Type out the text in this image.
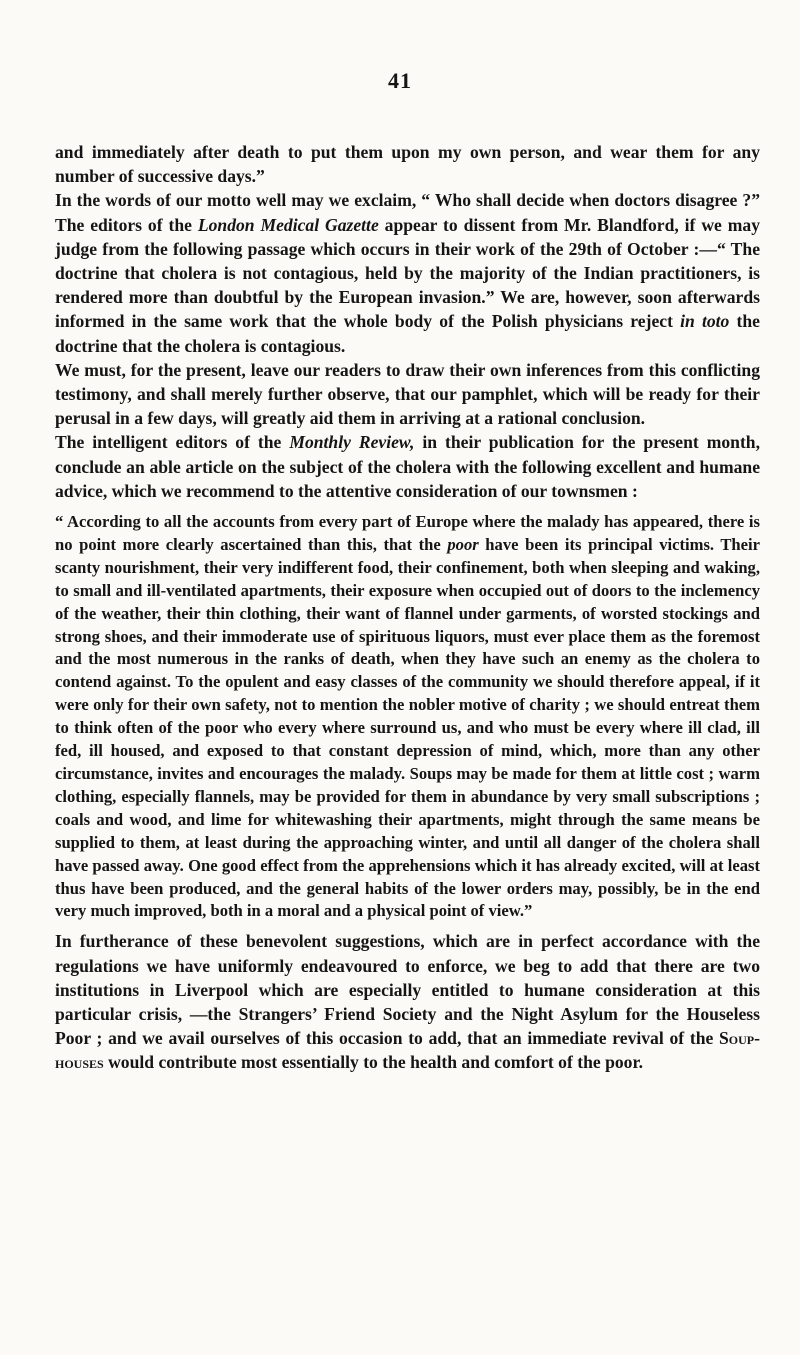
41

and immediately after death to put them upon my own person, and wear them for any number of successive days.”

In the words of our motto well may we exclaim, “ Who shall decide when doctors disagree ?” The editors of the London Medical Gazette appear to dissent from Mr. Blandford, if we may judge from the following passage which occurs in their work of the 29th of October :—“ The doctrine that cholera is not contagious, held by the majority of the Indian practitioners, is rendered more than doubtful by the European invasion.” We are, however, soon afterwards informed in the same work that the whole body of the Polish physicians reject in toto the doctrine that the cholera is contagious.

We must, for the present, leave our readers to draw their own inferences from this conflicting testimony, and shall merely further observe, that our pamphlet, which will be ready for their perusal in a few days, will greatly aid them in arriving at a rational conclusion.

The intelligent editors of the Monthly Review, in their publication for the present month, conclude an able article on the subject of the cholera with the following excellent and humane advice, which we recommend to the attentive consideration of our townsmen :

“ According to all the accounts from every part of Europe where the malady has appeared, there is no point more clearly ascertained than this, that the poor have been its principal victims. Their scanty nourishment, their very indifferent food, their confinement, both when sleeping and waking, to small and ill-ventilated apartments, their exposure when occupied out of doors to the inclemency of the weather, their thin clothing, their want of flannel under garments, of worsted stockings and strong shoes, and their immoderate use of spirituous liquors, must ever place them as the foremost and the most numerous in the ranks of death, when they have such an enemy as the cholera to contend against. To the opulent and easy classes of the community we should therefore appeal, if it were only for their own safety, not to mention the nobler motive of charity ; we should entreat them to think often of the poor who every where surround us, and who must be every where ill clad, ill fed, ill housed, and exposed to that constant depression of mind, which, more than any other circumstance, invites and encourages the malady. Soups may be made for them at little cost ; warm clothing, especially flannels, may be provided for them in abundance by very small subscriptions ; coals and wood, and lime for whitewashing their apartments, might through the same means be supplied to them, at least during the approaching winter, and until all danger of the cholera shall have passed away. One good effect from the apprehensions which it has already excited, will at least thus have been produced, and the general habits of the lower orders may, possibly, be in the end very much improved, both in a moral and a physical point of view.”

In furtherance of these benevolent suggestions, which are in perfect accordance with the regulations we have uniformly endeavoured to enforce, we beg to add that there are two institutions in Liverpool which are especially entitled to humane consideration at this particular crisis, —the Strangers’ Friend Society and the Night Asylum for the Houseless Poor ; and we avail ourselves of this occasion to add, that an immediate revival of the Soup-houses would contribute most essentially to the health and comfort of the poor.
